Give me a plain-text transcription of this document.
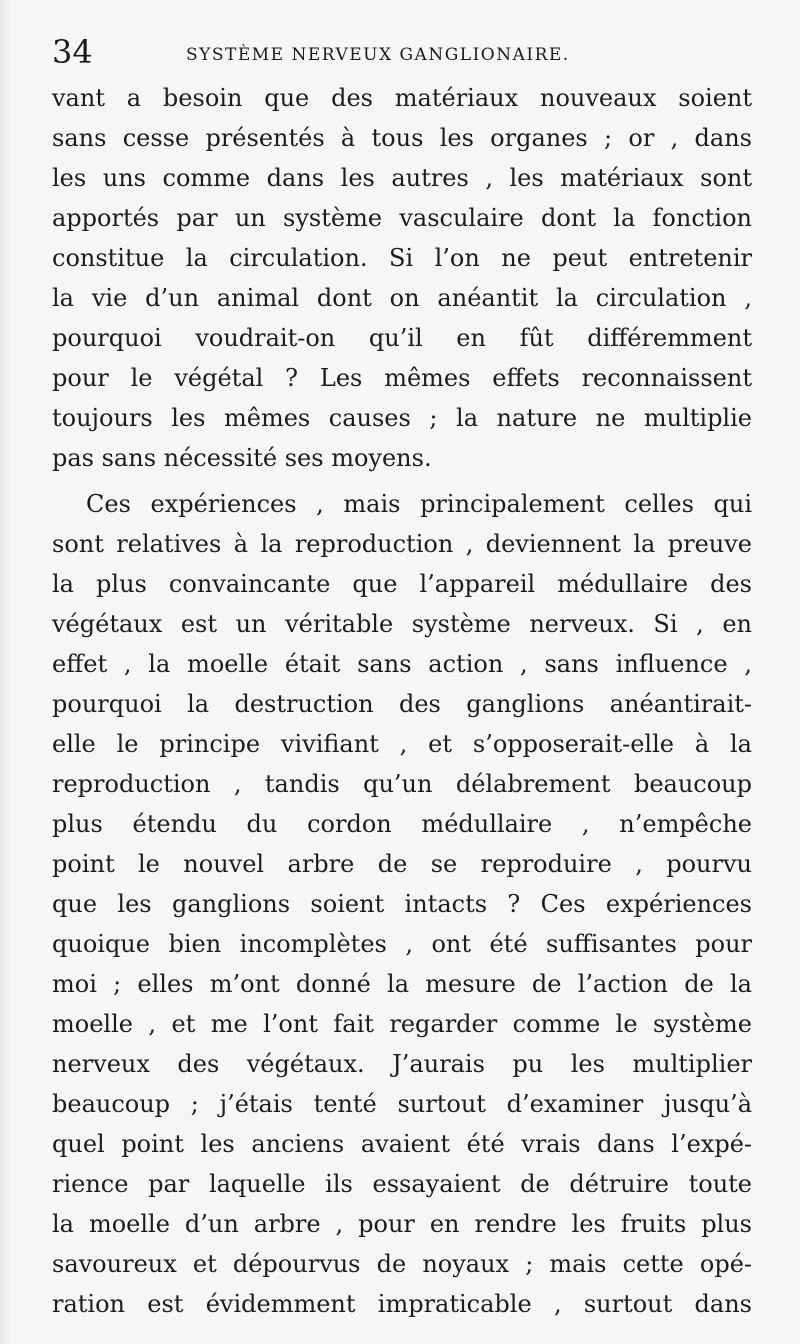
34	SYSTÈME NERVEUX GANGLIONAIRE.
vant a besoin que des matériaux nouveaux soient
sans cesse présentés à tous les organes ; or , dans
les uns comme dans les autres , les matériaux sont
apportés par un système vasculaire dont la fonction
constitue la circulation. Si l’on ne peut entretenir
la vie d’un animal dont on anéantit la circulation ,
pourquoi voudrait-on qu’il en fût différemment
pour le végétal ? Les mêmes effets reconnaissent
toujours les mêmes causes ; la nature ne multiplie
pas sans nécessité ses moyens.
Ces expériences , mais principalement celles qui
sont relatives à la reproduction , deviennent la preuve
la plus convaincante que l’appareil médullaire des
végétaux est un véritable système nerveux. Si , en
effet , la moelle était sans action , sans influence ,
pourquoi la destruction des ganglions anéantirait-
elle le principe vivifiant , et s’opposerait-elle à la
reproduction , tandis qu’un délabrement beaucoup
plus étendu du cordon médullaire , n’empêche
point le nouvel arbre de se reproduire , pourvu
que les ganglions soient intacts ? Ces expériences
quoique bien incomplètes , ont été suffisantes pour
moi ; elles m’ont donné la mesure de l’action de la
moelle , et me l’ont fait regarder comme le système
nerveux des végétaux. J’aurais pu les multiplier
beaucoup ; j’étais tenté surtout d’examiner jusqu’à
quel point les anciens avaient été vrais dans l’expé-
rience par laquelle ils essayaient de détruire toute
la moelle d’un arbre , pour en rendre les fruits plus
savoureux et dépourvus de noyaux ; mais cette opé-
ration est évidemment impraticable , surtout dans
